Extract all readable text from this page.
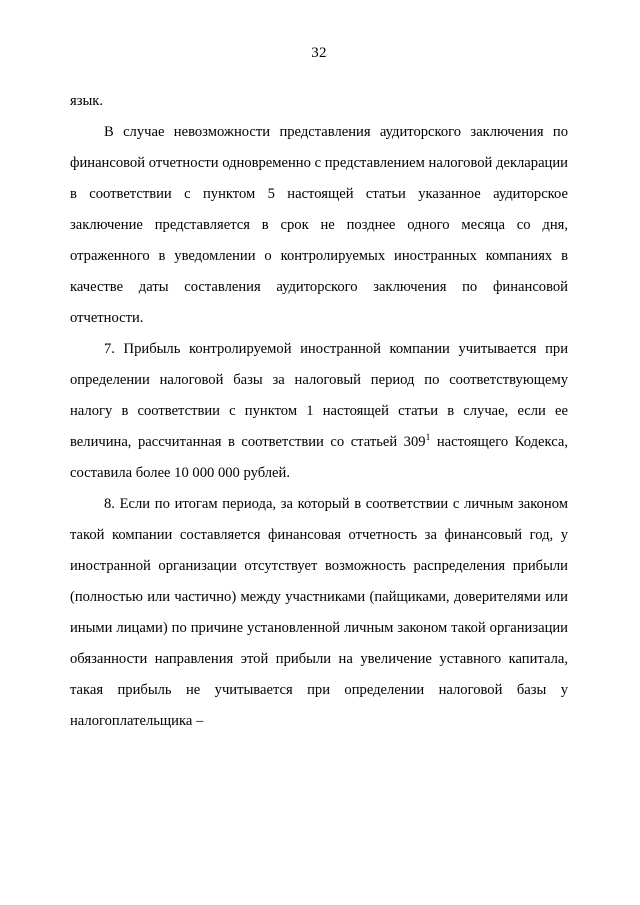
32

язык.

В случае невозможности представления аудиторского заключения по финансовой отчетности одновременно с представлением налоговой декларации в соответствии с пунктом 5 настоящей статьи указанное аудиторское заключение представляется в срок не позднее одного месяца со дня, отраженного в уведомлении о контролируемых иностранных компаниях в качестве даты составления аудиторского заключения по финансовой отчетности.

7. Прибыль контролируемой иностранной компании учитывается при определении налоговой базы за налоговый период по соответствующему налогу в соответствии с пунктом 1 настоящей статьи в случае, если ее величина, рассчитанная в соответствии со статьей $309^1$ настоящего Кодекса, составила более 10 000 000 рублей.

8. Если по итогам периода, за который в соответствии с личным законом такой компании составляется финансовая отчетность за финансовый год, у иностранной организации отсутствует возможность распределения прибыли (полностью или частично) между участниками (пайщиками, доверителями или иными лицами) по причине установленной личным законом такой организации обязанности направления этой прибыли на увеличение уставного капитала, такая прибыль не учитывается при определении налоговой базы у налогоплательщика –
